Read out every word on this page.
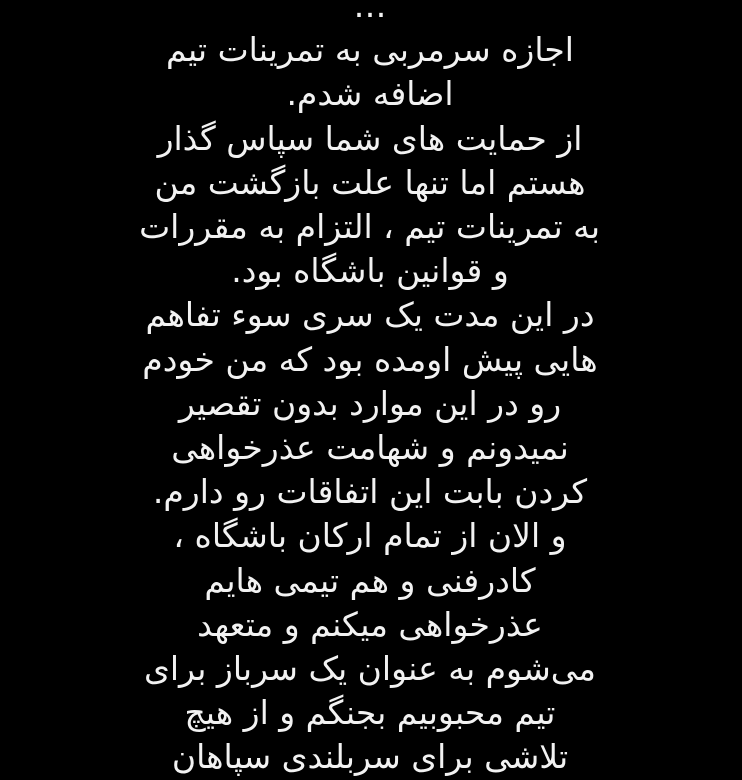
…
اجازه سرمربی به تمرینات تیم
اضافه شدم.
از حمایت های شما سپاس گذار
هستم اما تنها علت بازگشت من
به تمرینات تیم ، التزام به مقررات
و قوانین باشگاه بود.
در این مدت یک سری سوء تفاهم
هایی پیش اومده بود که من خودم
رو در این موارد بدون تقصیر
نمیدونم و شهامت عذرخواهی
کردن بابت این اتفاقات رو دارم.
و الان از تمام ارکان باشگاه ،
کادرفنی و هم تیمی هایم
عذرخواهی میکنم و متعهد
می‌شوم به عنوان یک سرباز برای
تیم محبوبیم بجنگم و از هیچ
تلاشی برای سربلندی سپاهان
